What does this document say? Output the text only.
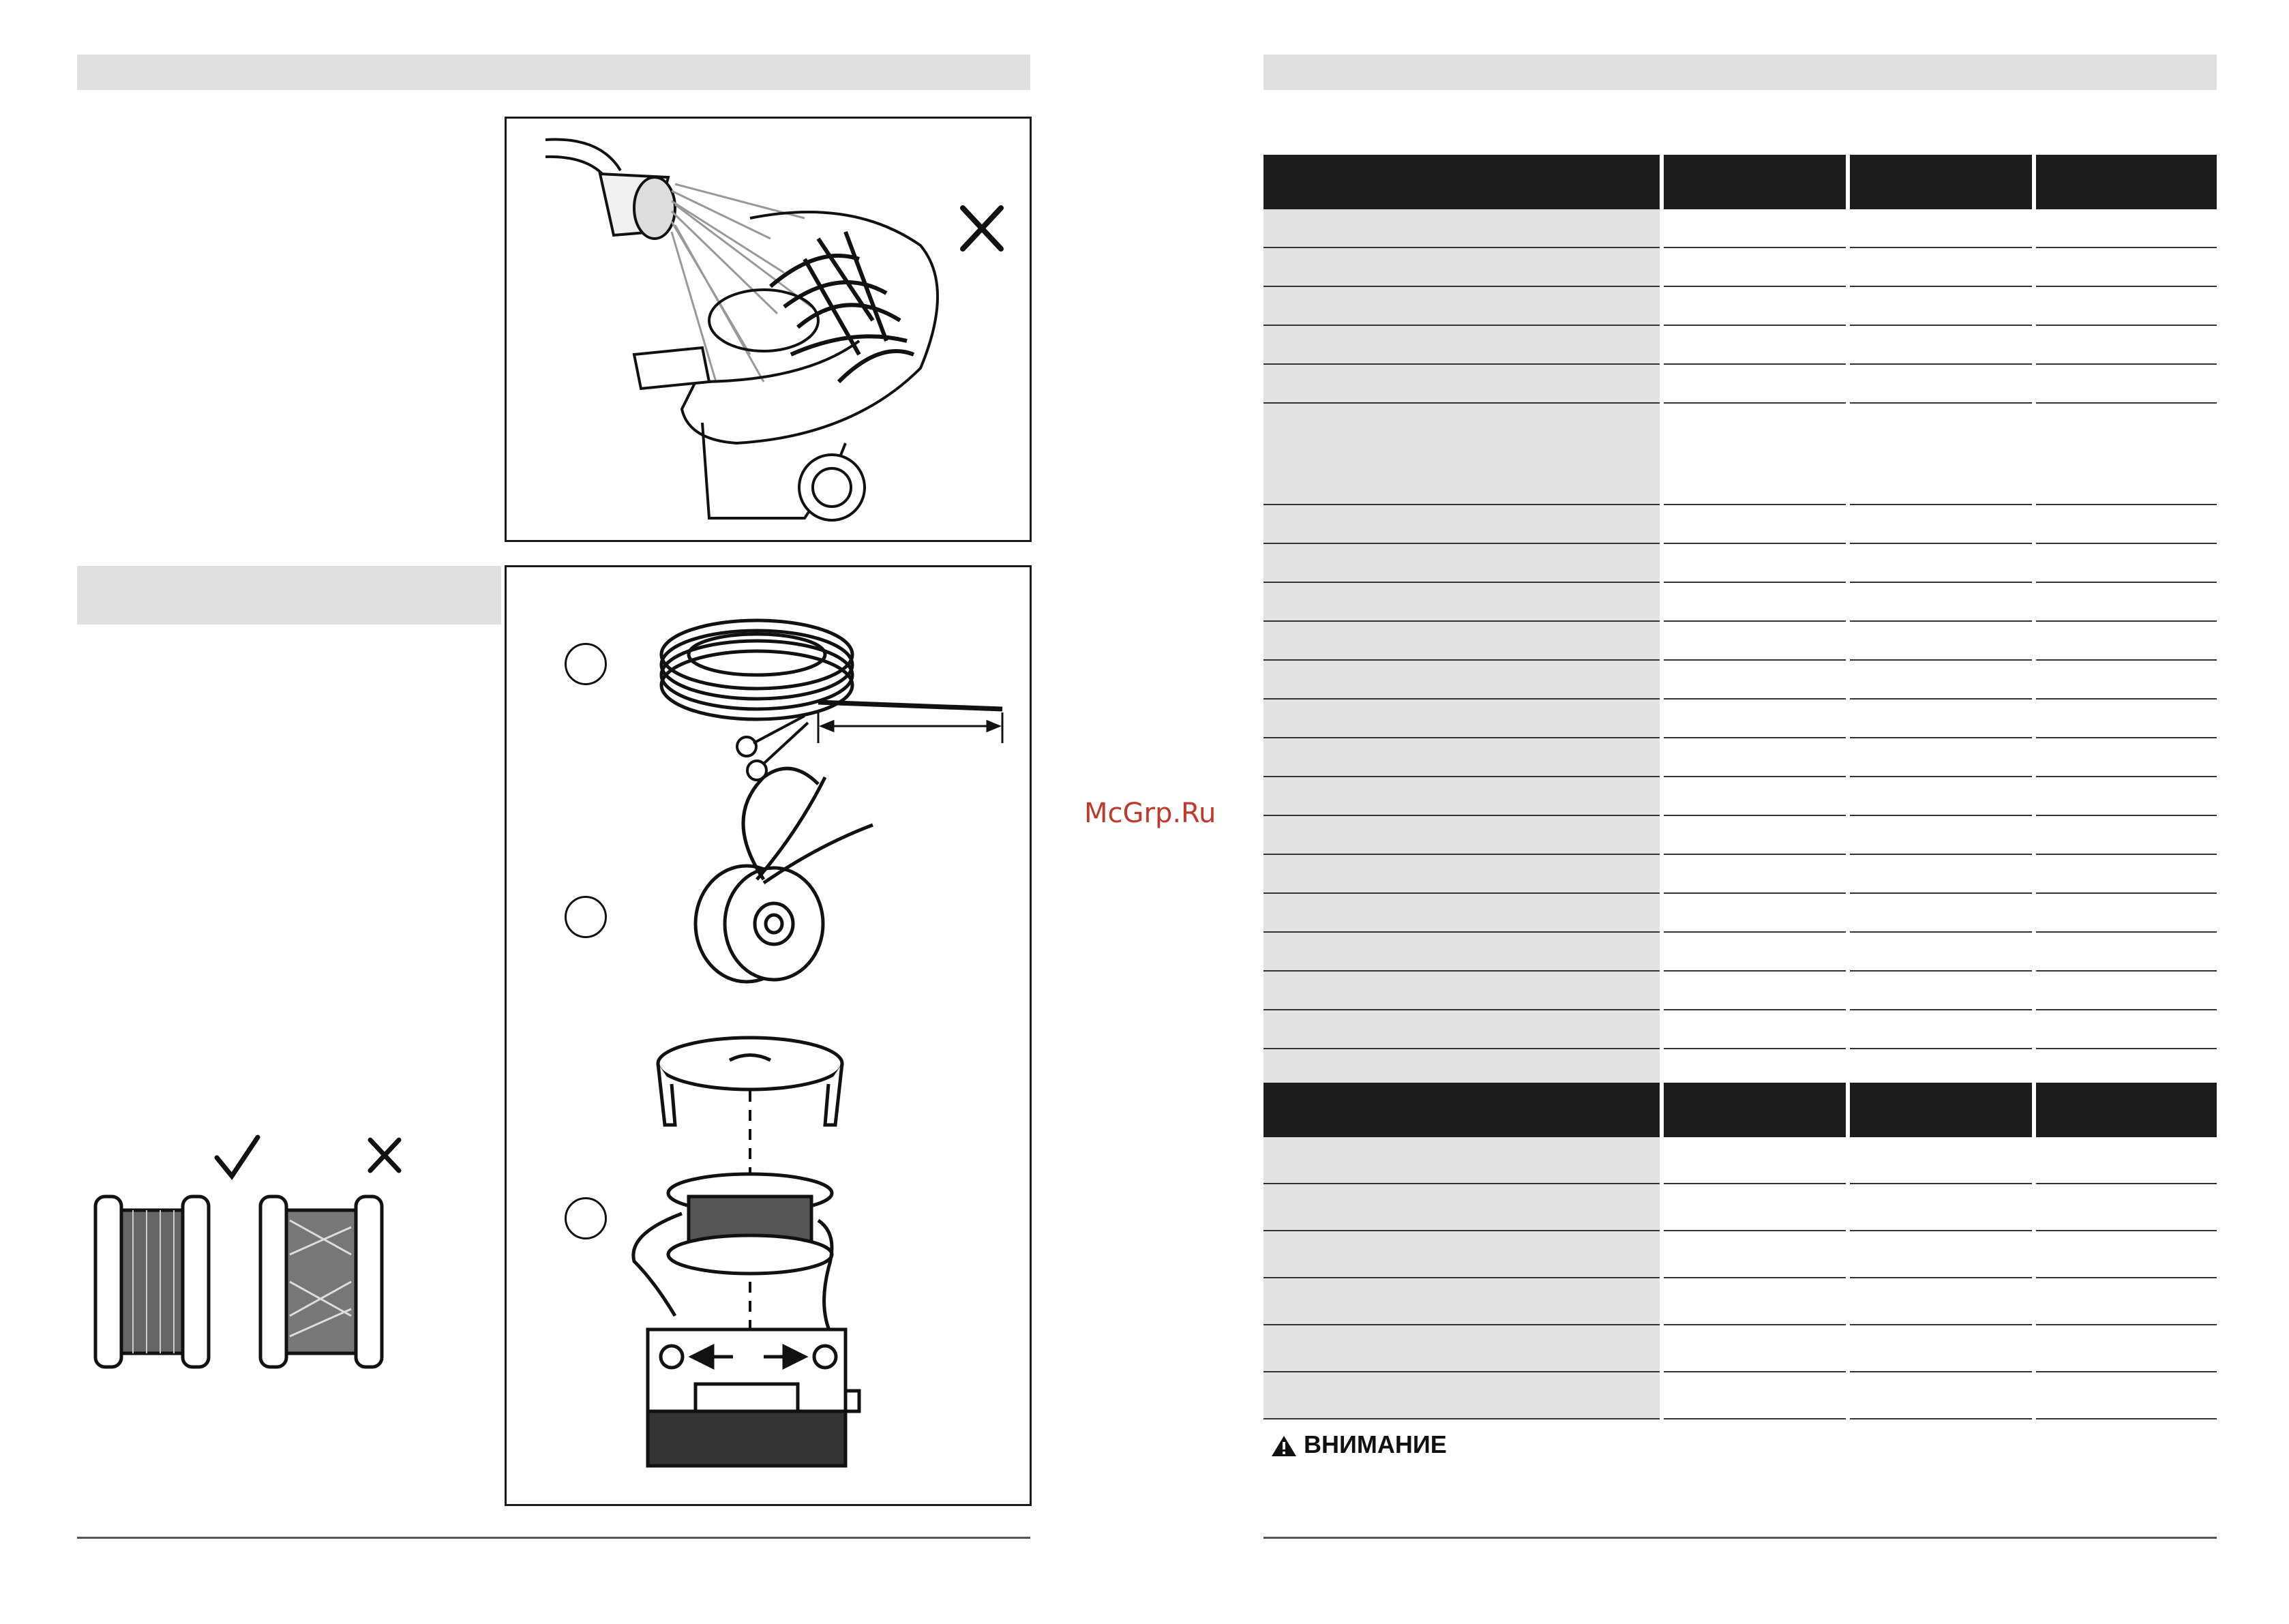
ВНИМАНИЕ
McGrp.Ru
